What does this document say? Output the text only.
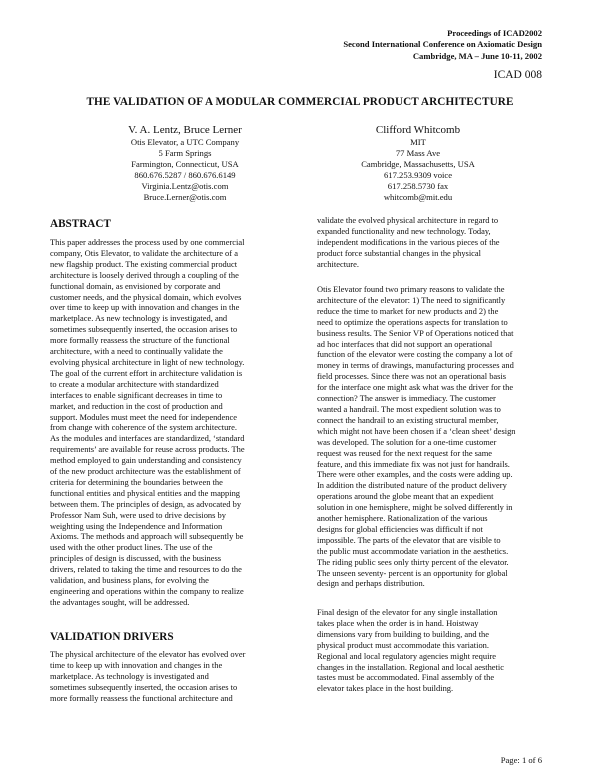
Proceedings of ICAD2002
Second International Conference on Axiomatic Design
Cambridge, MA – June 10-11, 2002
ICAD 008
THE VALIDATION OF A MODULAR COMMERCIAL PRODUCT ARCHITECTURE
V. A. Lentz, Bruce Lerner
Otis Elevator, a UTC Company
5 Farm Springs
Farmington, Connecticut, USA
860.676.5287 / 860.676.6149
Virginia.Lentz@otis.com
Bruce.Lerner@otis.com
Clifford Whitcomb
MIT
77 Mass Ave
Cambridge, Massachusetts, USA
617.253.9309 voice
617.258.5730 fax
whitcomb@mit.edu
ABSTRACT
This paper addresses the process used by one commercial
company, Otis Elevator, to validate the architecture of a
new flagship product. The existing commercial product
architecture is loosely derived through a coupling of the
functional domain, as envisioned by corporate and
customer needs, and the physical domain, which evolves
over time to keep up with innovation and changes in the
marketplace. As new technology is investigated, and
sometimes subsequently inserted, the occasion arises to
more formally reassess the structure of the functional
architecture, with a need to continually validate the
evolving physical architecture in light of new technology.
The goal of the current effort in architecture validation is
to create a modular architecture with standardized
interfaces to enable significant decreases in time to
market, and reduction in the cost of production and
support. Modules must meet the need for independence
from change with coherence of the system architecture.
As the modules and interfaces are standardized, ‘standard
requirements’ are available for reuse across products. The
method employed to gain understanding and consistency
of the new product architecture was the establishment of
criteria for determining the boundaries between the
functional entities and physical entities and the mapping
between them. The principles of design, as advocated by
Professor Nam Suh, were used to drive decisions by
weighting using the Independence and Information
Axioms. The methods and approach will subsequently be
used with the other product lines. The use of the
principles of design is discussed, with the business
drivers, related to taking the time and resources to do the
validation, and business plans, for evolving the
engineering and operations within the company to realize
the advantages sought, will be addressed.
VALIDATION DRIVERS
The physical architecture of the elevator has evolved over
time to keep up with innovation and changes in the
marketplace. As technology is investigated and
sometimes subsequently inserted, the occasion arises to
more formally reassess the functional architecture and
validate the evolved physical architecture in regard to
expanded functionality and new technology. Today,
independent modifications in the various pieces of the
product force substantial changes in the physical
architecture.
Otis Elevator found two primary reasons to validate the
architecture of the elevator: 1) The need to significantly
reduce the time to market for new products and 2) the
need to optimize the operations aspects for translation to
business results. The Senior VP of Operations noticed that
ad hoc interfaces that did not support an operational
function of the elevator were costing the company a lot of
money in terms of drawings, manufacturing processes and
field processes. Since there was not an operational basis
for the interface one might ask what was the driver for the
connection? The answer is immediacy. The customer
wanted a handrail. The most expedient solution was to
connect the handrail to an existing structural member,
which might not have been chosen if a ‘clean sheet’ design
was developed. The solution for a one-time customer
request was reused for the next request for the same
feature, and this immediate fix was not just for handrails.
There were other examples, and the costs were adding up.
In addition the distributed nature of the product delivery
operations around the globe meant that an expedient
solution in one hemisphere, might be solved differently in
another hemisphere. Rationalization of the various
designs for global efficiencies was difficult if not
impossible. The parts of the elevator that are visible to
the public must accommodate variation in the aesthetics.
The riding public sees only thirty percent of the elevator.
The unseen seventy- percent is an opportunity for global
design and perhaps distribution.
Final design of the elevator for any single installation
takes place when the order is in hand. Hoistway
dimensions vary from building to building, and the
physical product must accommodate this variation.
Regional and local regulatory agencies might require
changes in the installation. Regional and local aesthetic
tastes must be accommodated. Final assembly of the
elevator takes place in the host building.
Page: 1 of 6
